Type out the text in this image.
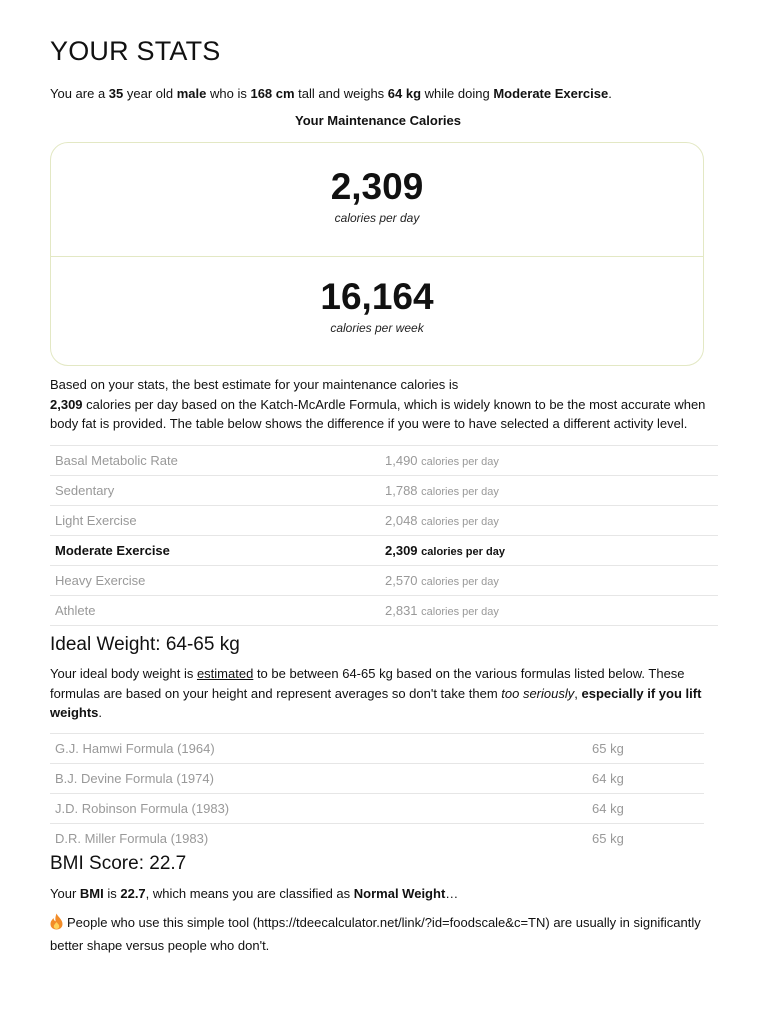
YOUR STATS
You are a 35 year old male who is 168 cm tall and weighs 64 kg while doing Moderate Exercise.
Your Maintenance Calories
2,309
calories per day
16,164
calories per week

Based on your stats, the best estimate for your maintenance calories is
2,309 calories per day based on the Katch-McArdle Formula, which is widely known to be the most accurate when body fat is provided. The table below shows the difference if you were to have selected a different activity level.

Basal Metabolic Rate	1,490 calories per day
Sedentary	1,788 calories per day
Light Exercise	2,048 calories per day
Moderate Exercise	2,309 calories per day
Heavy Exercise	2,570 calories per day
Athlete	2,831 calories per day
Ideal Weight: 64-65 kg

Your ideal body weight is estimated to be between 64-65 kg based on the various formulas listed below. These formulas are based on your height and represent averages so don't take them too seriously, especially if you lift weights.

G.J. Hamwi Formula (1964)	65 kg
B.J. Devine Formula (1974)	64 kg
J.D. Robinson Formula (1983)	64 kg
D.R. Miller Formula (1983)	65 kg
BMI Score: 22.7

Your BMI is 22.7, which means you are classified as Normal Weight…

People who use this simple tool (https://tdeecalculator.net/link/?id=foodscale&c=TN) are usually in significantly better shape versus people who don't.
